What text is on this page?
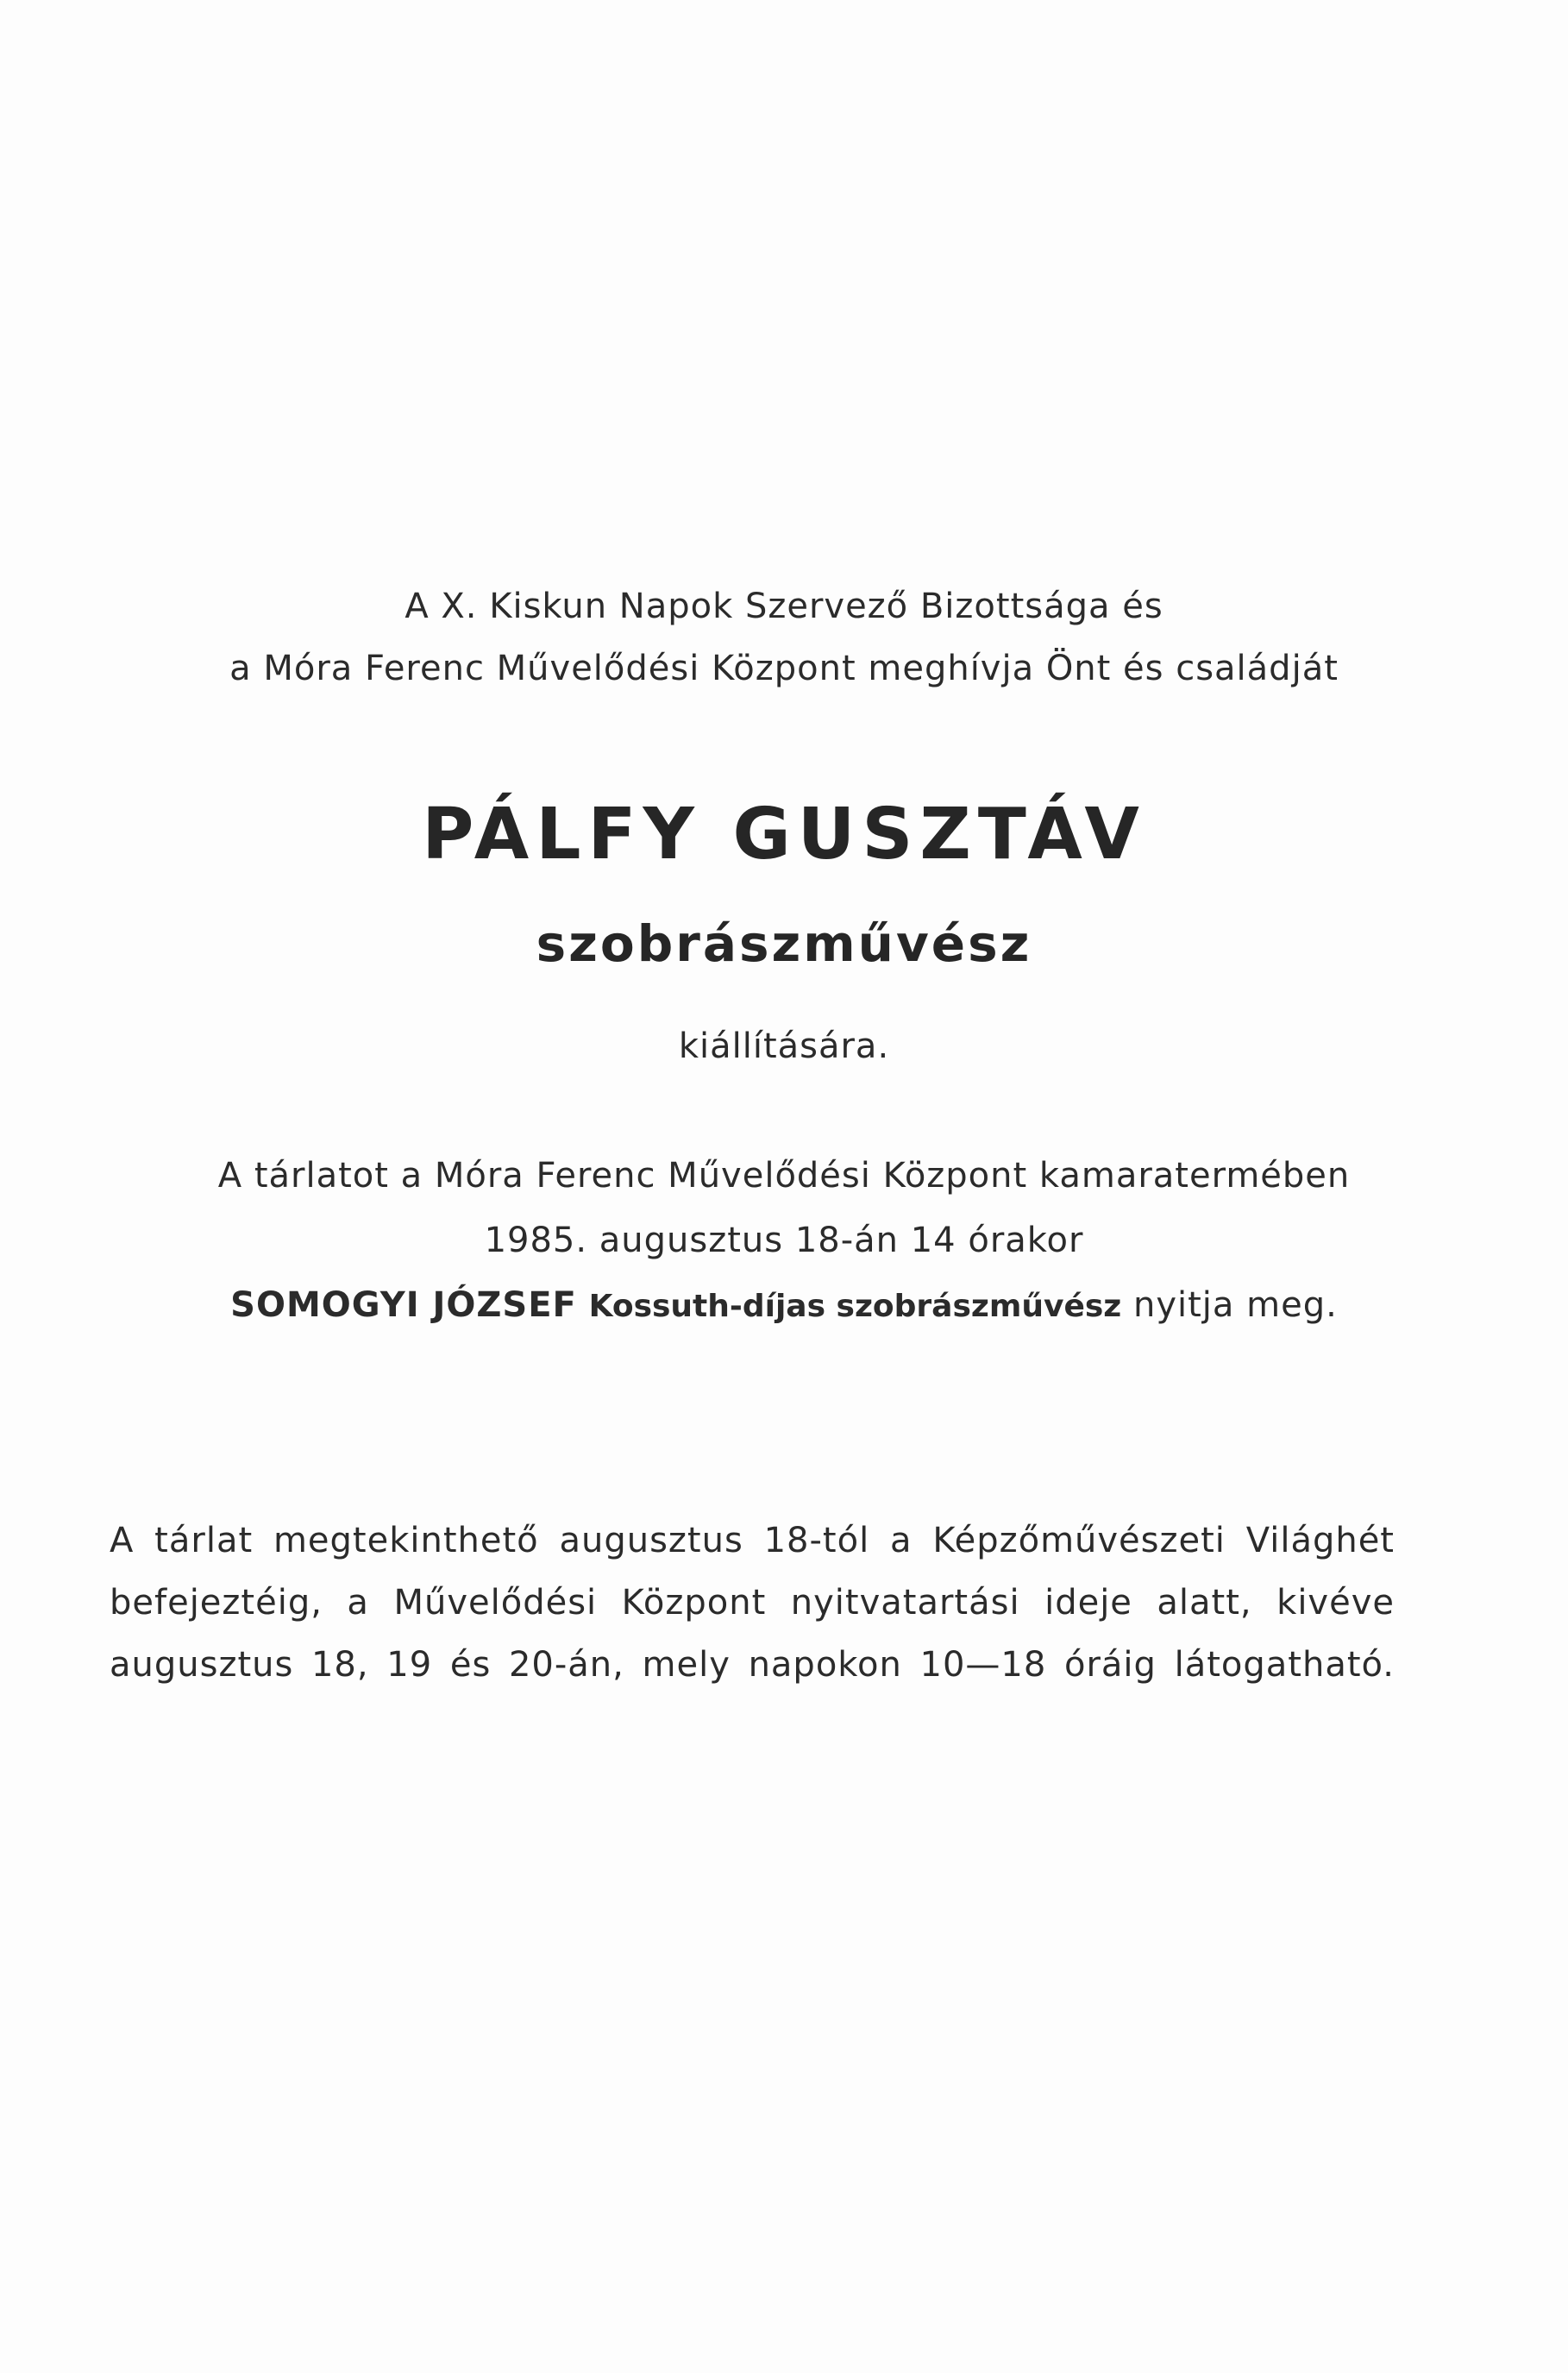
A X. Kiskun Napok Szervező Bizottsága és
a Móra Ferenc Művelődési Központ meghívja Önt és családját
PÁLFY GUSZTÁV
szobrászművész
kiállítására.
A tárlatot a Móra Ferenc Művelődési Központ kamaratermében
1985. augusztus 18-án 14 órakor
SOMOGYI JÓZSEF Kossuth-díjas szobrászművész nyitja meg.
A tárlat megtekinthető augusztus 18-tól a Képzőművészeti Világhét
befejeztéig, a Művelődési Központ nyitvatartási ideje alatt, kivéve
augusztus 18, 19 és 20-án, mely napokon 10—18 óráig látogatható.
